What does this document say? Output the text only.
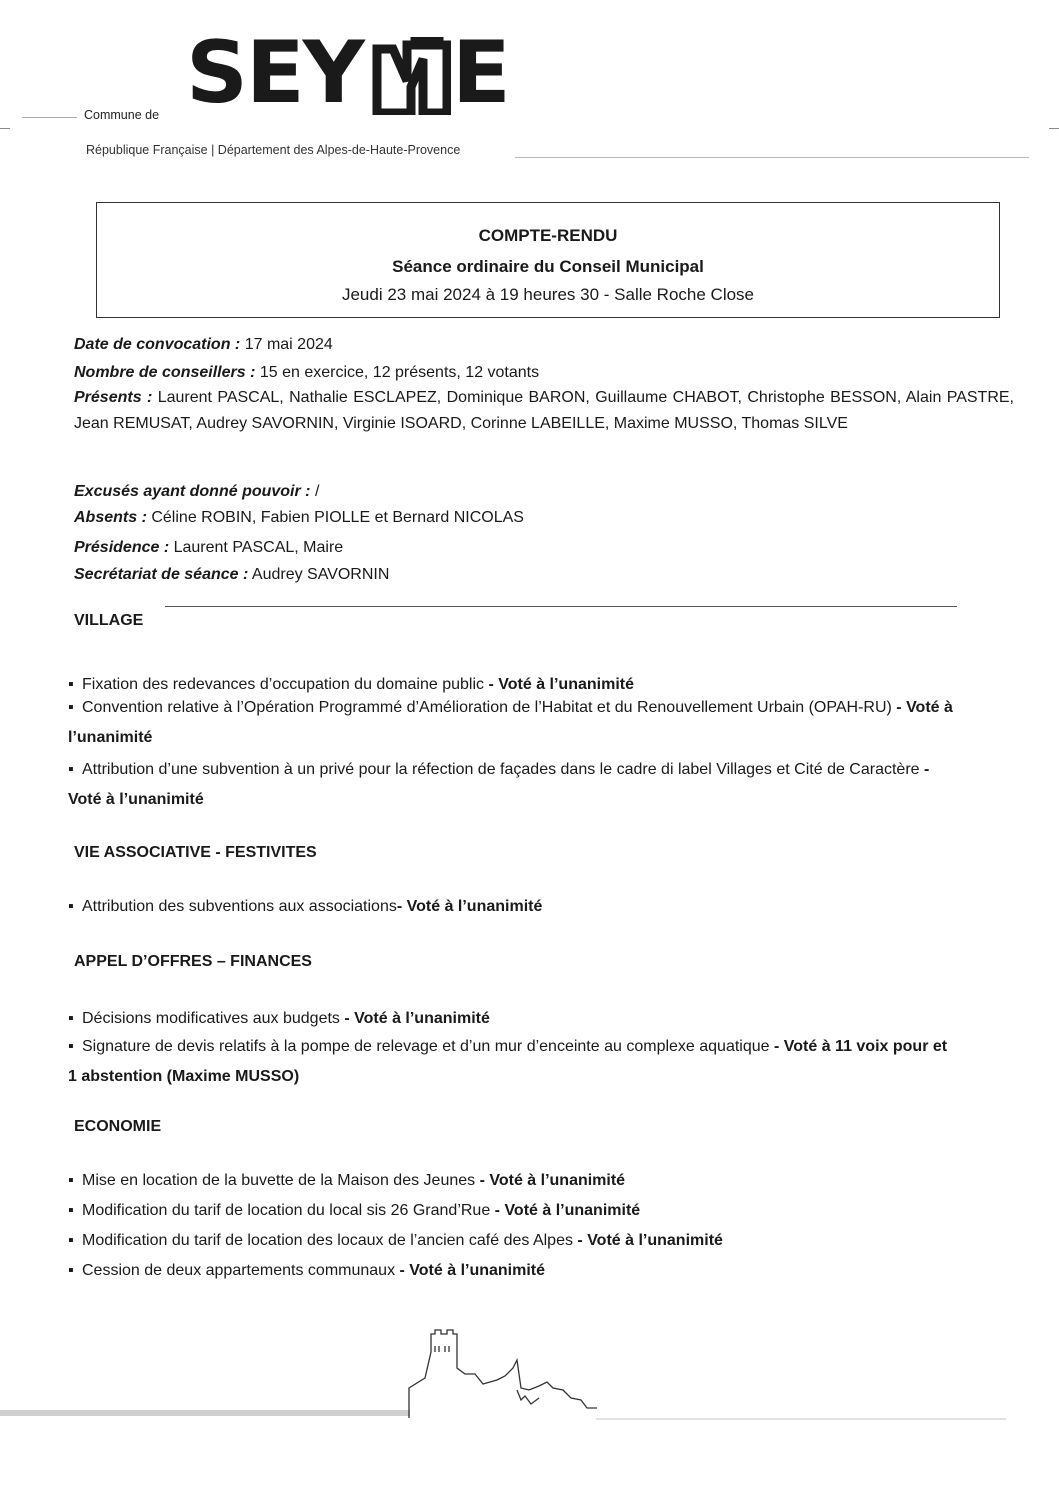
Commune de SEY E
République Française | Département des Alpes-de-Haute-Provence
COMPTE-RENDU
Séance ordinaire du Conseil Municipal
Jeudi 23 mai 2024 à 19 heures 30 - Salle Roche Close
Date de convocation : 17 mai 2024
Nombre de conseillers : 15 en exercice, 12 présents, 12 votants
Présents : Laurent PASCAL, Nathalie ESCLAPEZ, Dominique BARON, Guillaume CHABOT, Christophe BESSON, Alain PASTRE, Jean REMUSAT, Audrey SAVORNIN, Virginie ISOARD, Corinne LABEILLE, Maxime MUSSO, Thomas SILVE
Excusés ayant donné pouvoir : /
Absents : Céline ROBIN, Fabien PIOLLE et Bernard NICOLAS
Présidence : Laurent PASCAL, Maire
Secrétariat de séance : Audrey SAVORNIN
VILLAGE
▪ Fixation des redevances d’occupation du domaine public - Voté à l’unanimité
▪ Convention relative à l’Opération Programmé d’Amélioration de l’Habitat et du Renouvellement Urbain (OPAH-RU) - Voté à l’unanimité
▪ Attribution d’une subvention à un privé pour la réfection de façades dans le cadre di label Villages et Cité de Caractère - Voté à l’unanimité
VIE ASSOCIATIVE - FESTIVITES
▪ Attribution des subventions aux associations- Voté à l’unanimité
APPEL D’OFFRES – FINANCES
▪ Décisions modificatives aux budgets - Voté à l’unanimité
▪ Signature de devis relatifs à la pompe de relevage et d’un mur d’enceinte au complexe aquatique - Voté à 11 voix pour et 1 abstention (Maxime MUSSO)
ECONOMIE
▪ Mise en location de la buvette de la Maison des Jeunes - Voté à l’unanimité
▪ Modification du tarif de location du local sis 26 Grand’Rue - Voté à l’unanimité
▪ Modification du tarif de location des locaux de l’ancien café des Alpes - Voté à l’unanimité
▪ Cession de deux appartements communaux - Voté à l’unanimité
